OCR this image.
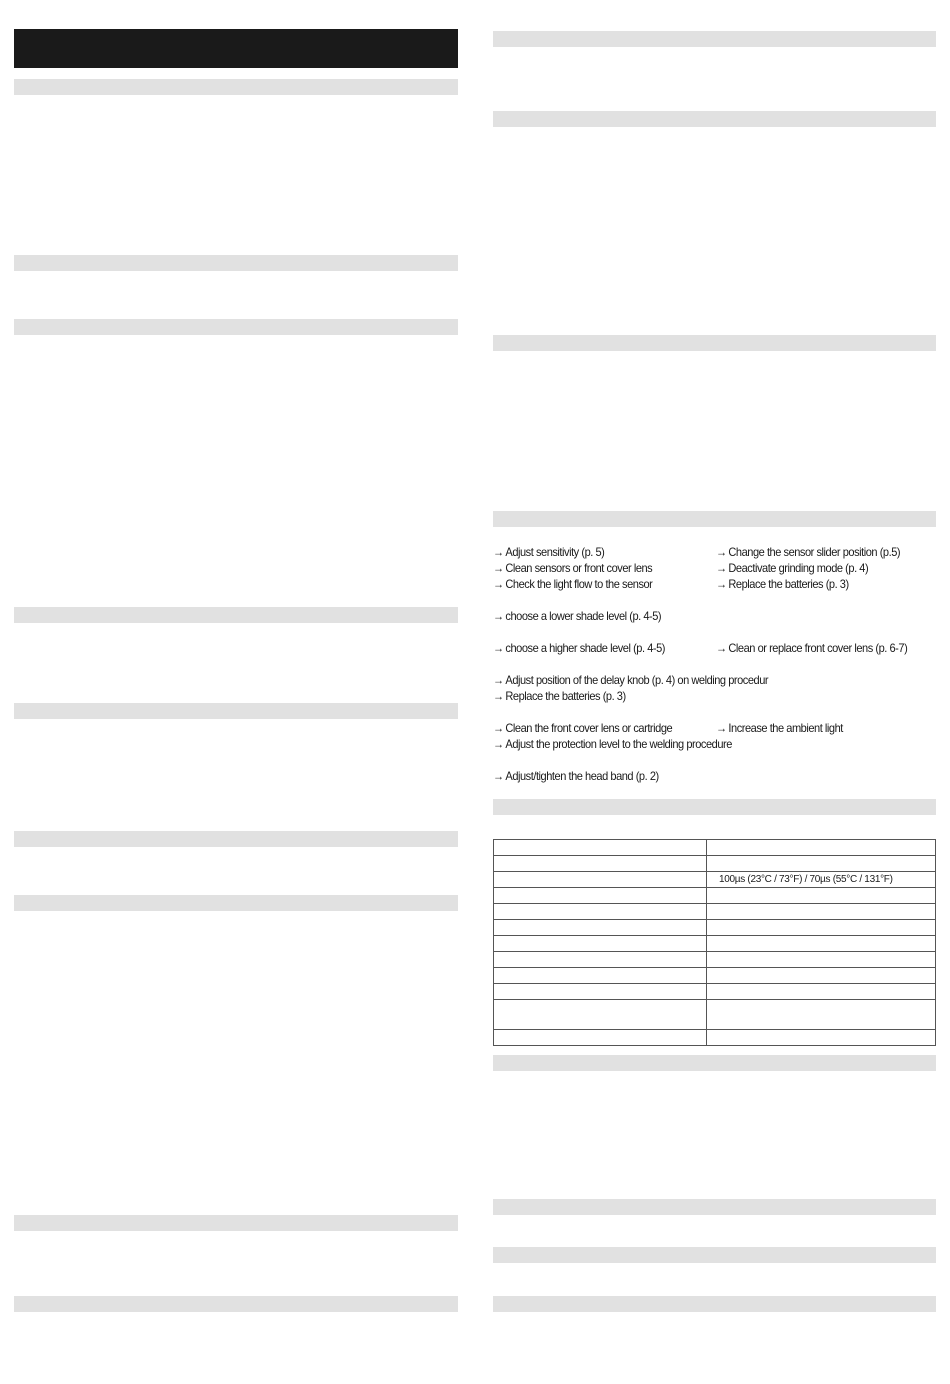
→ Adjust sensitivity (p. 5)	→ Change the sensor slider position (p.5)
→ Clean sensors or front cover lens	→ Deactivate grinding mode (p. 4)
→ Check the light flow to the sensor	→ Replace the batteries (p. 3)
→ choose a lower shade level (p. 4-5)
→ choose a higher shade level (p. 4-5)	→ Clean or replace front cover lens (p. 6-7)
→ Adjust position of the delay knob (p. 4) on welding procedur
→ Replace the batteries (p. 3)
→ Clean the front cover lens or cartridge	→ Increase the ambient light
→ Adjust the protection level to the welding procedure
→ Adjust/tighten the head band (p. 2)

	100µs (23°C / 73°F) / 70µs (55°C / 131°F)
